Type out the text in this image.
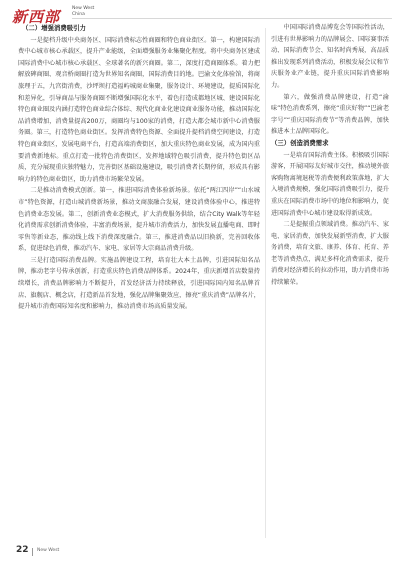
新西部	New West
China

（二）增强消费吸引力

一是提档升级中央商务区、国际消费标志性商圈和特色商业街区。第一，构建国际消费中心城市核心承载区，提升产业能级，全面增强服务业集聚化程度。将中央商务区建成国际消费中心城市核心承载区、全球著名的新兴商圈。第二，深度打造商圈体系。着力把解放碑商圈、观音桥商圈打造为世界知名商圈，国际消费目的地。巴渝文化体验馆，将商旅理于五，九宫街消费，沙坪坝打造福屿城商业集聚，服务设计、环境建设，提质国际化和差异化，引导商品与服务商圈不断增强国际化水平，着色打造成都地区城、建设国际化特色商业圈及内涵打造特色商业综合体综、现代化商业化建设商业服务功能，推动国际化品消费增加，消费量提高200万，商圈均与100家的消费，打造大都会城市新中心消费服务圈。第三，打造特色商业街区。发挥消费特色资源、全面提升提档消费空间建设，打造特色商业街区，发展电商平台，打造高端消费街区，加大重庆特色商业发展，成为国内重要消费新地标。重点打造一批特色消费街区，发挥地域特色吸引消费，提升特色街区品质，充分展现重庆独特魅力，完善街区基础设施建设，吸引消费者长期停留，形成具有影响力的特色商业街区，助力消费市场繁荣发展。

二是推动消费模式创新。第一，推进国际消费体验新场景。依托“两江四岸”“山水城市”特色资源，打造山城消费新场景，推动文商旅融合发展，建设消费体验中心，推进特色消费业态发展。第二，创新消费业态模式，扩大消费服务供给，结合City Walk等年轻化消费需求创新消费体验，丰富消费场景，提升城市消费活力，加快发展直播电商、即时零售等新业态，推动线上线下消费深度融合。第三，推进消费品以旧换新，完善回收体系，促进绿色消费，推动汽车、家电、家居等大宗商品消费升级。

三是打造国际消费品牌。实施品牌建设工程，培育壮大本土品牌，引进国际知名品牌，推动老字号传承创新，打造重庆特色消费品牌体系。2024年，重庆新增首店数量持续增长，消费品牌影响力不断提升，首发经济活力持续释放，引进国际国内知名品牌首店、旗舰店、概念店，打造新品首发地，强化品牌集聚效应，擦亮“重庆消费”品牌名片，提升城市消费国际知名度和影响力，推动消费市场高质量发展。

中国国际消费品博览会等国际性活动，引进有世界影响力的品牌展会、国际赛事活动、国际消费节会、知名时尚秀展，高品质推出发现系列消费活动，积极发展会议和节庆服务业产业链，提升重庆国际消费影响力。

第六，做强消费品牌建设，打造“渝味”特色消费系列，擦亮“重庆好物”“巴渝老字号”“重庆国际消费节”等消费品牌，加快推进本土品牌国际化。

（三）创造消费需求

一是培育国际消费主体。积极吸引国际游客，开展国际友好城市交往，推动境外旅客购物离境退税等消费便利政策落地，扩大入境消费规模，强化国际消费吸引力，提升重庆在国际消费市场中的地位和影响力，促进国际消费中心城市建设取得新成效。

二是提振重点领域消费。推动汽车、家电、家居消费，加快发展新型消费，扩大服务消费，培育文旅、康养、体育、托育、养老等消费热点，满足多样化消费需求，提升消费对经济增长的拉动作用，助力消费市场持续繁荣。

22 New West
